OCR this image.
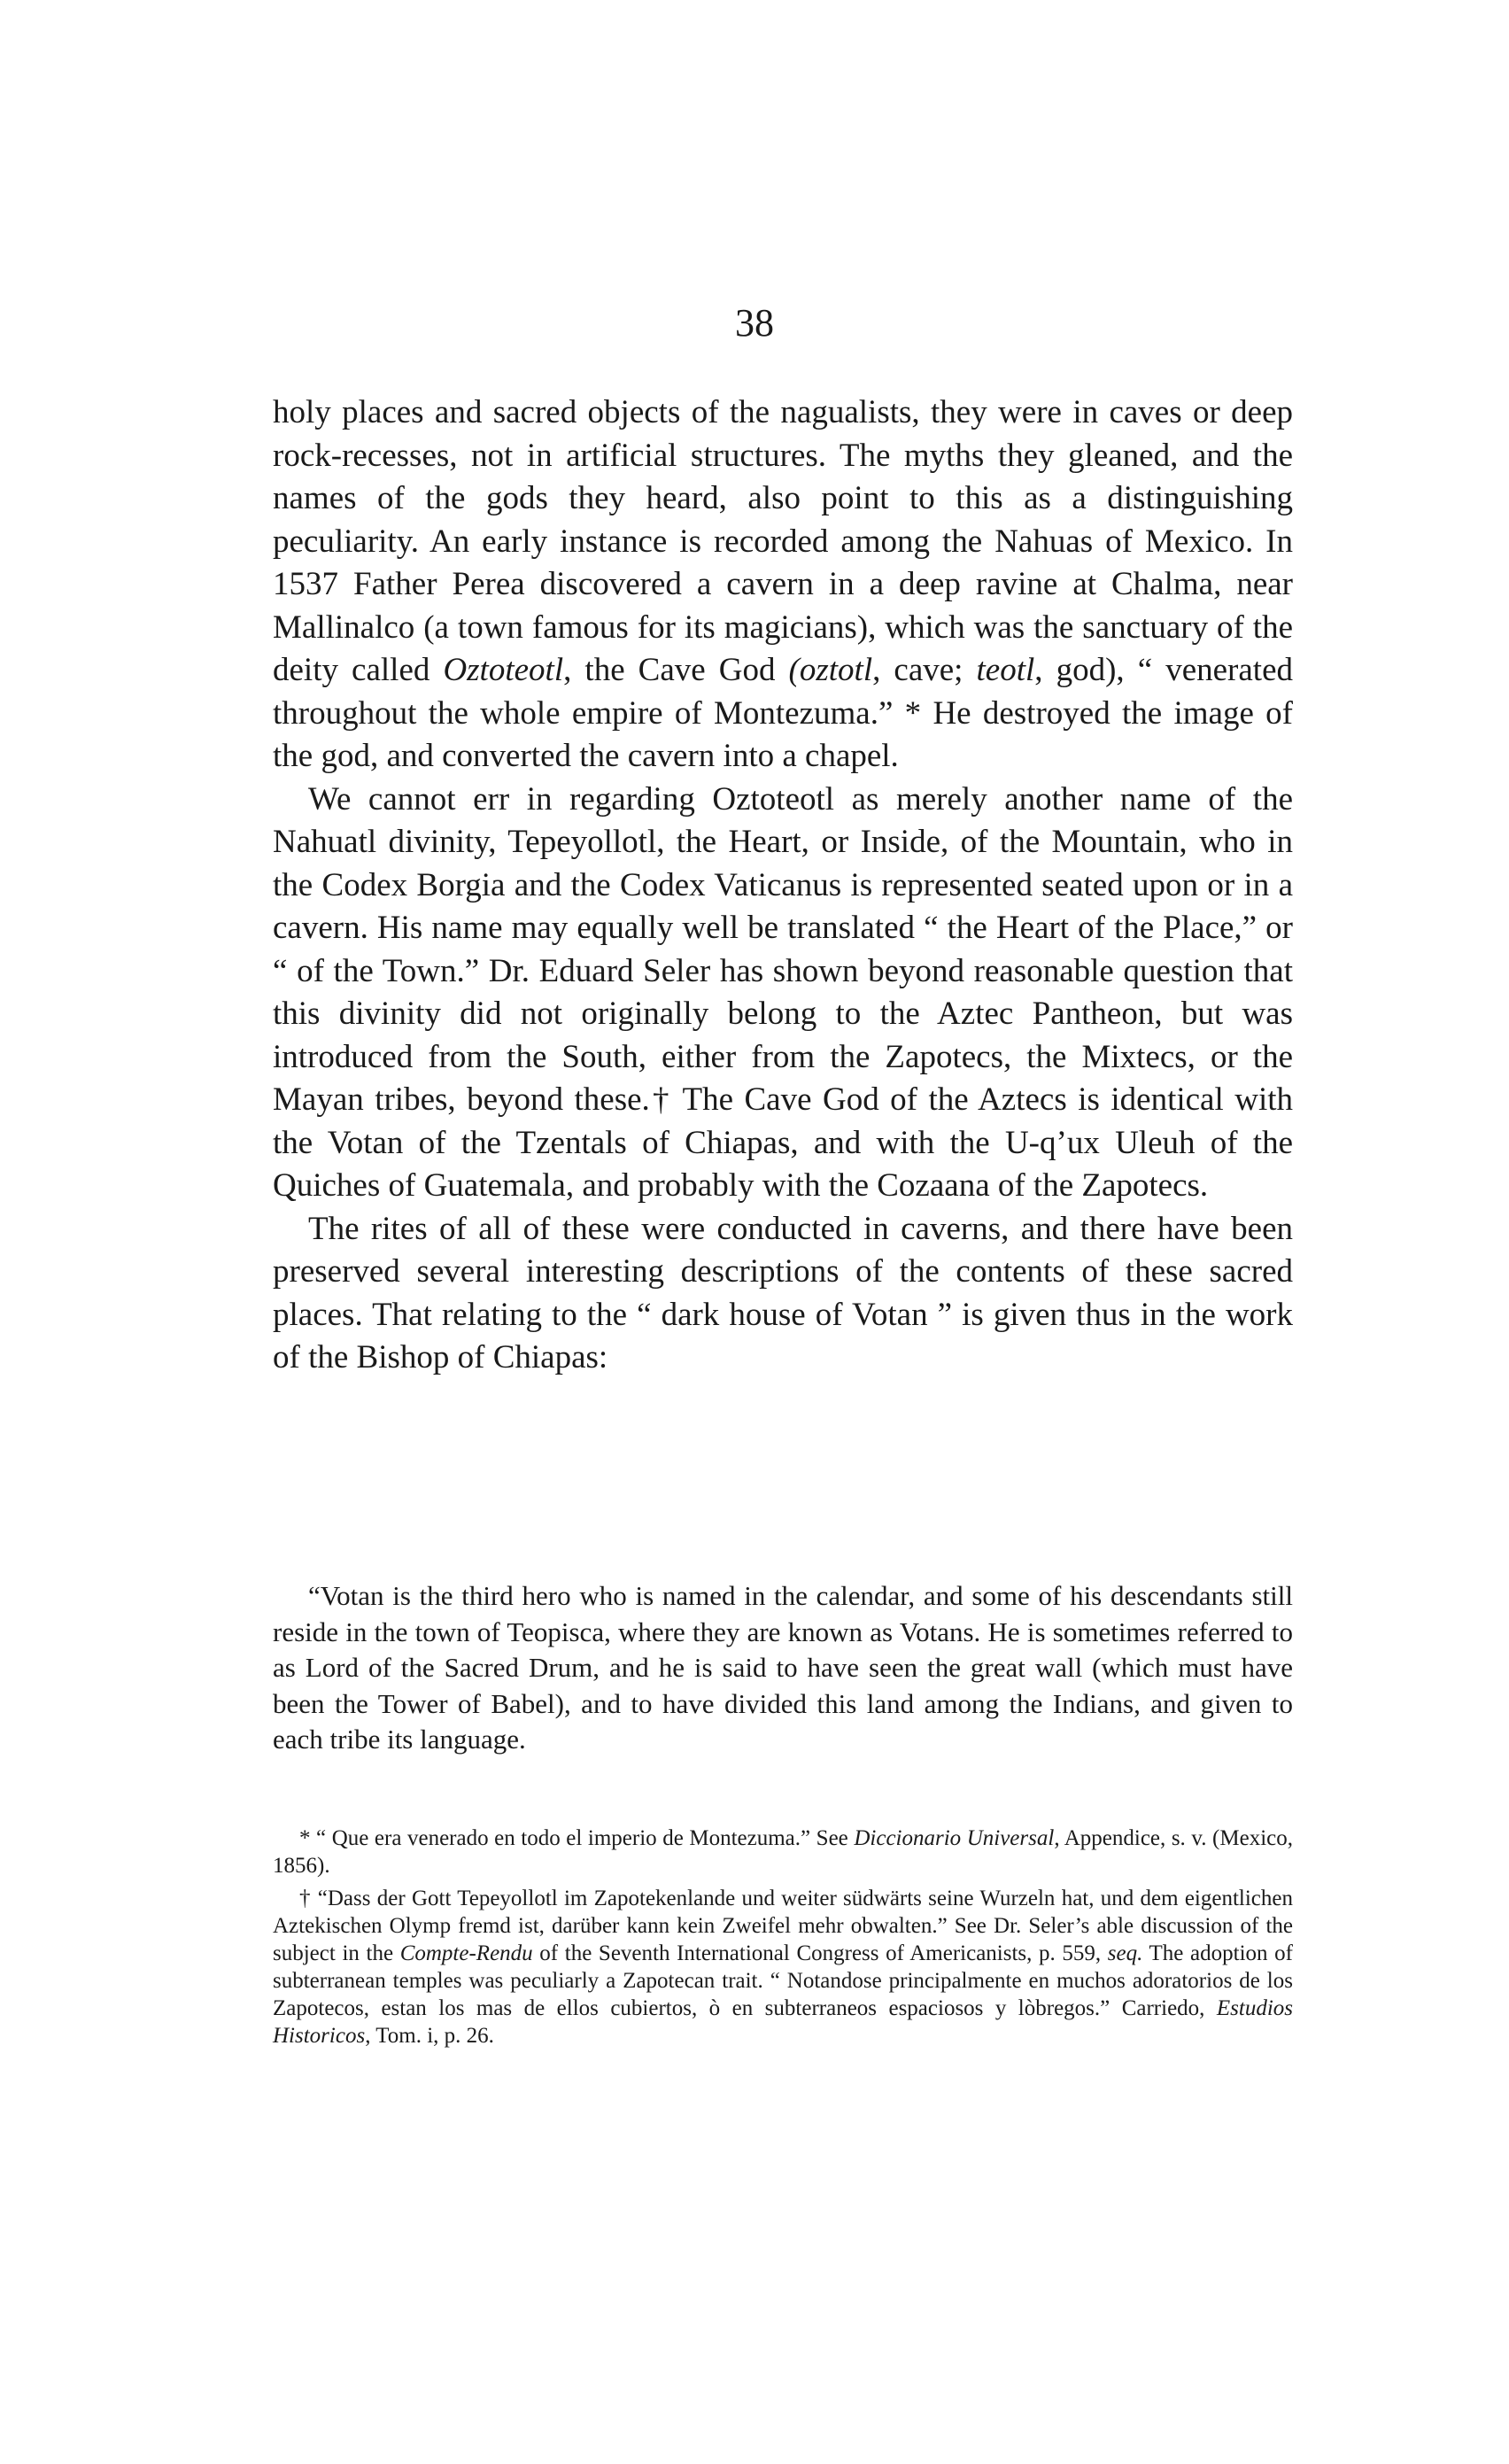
38

holy places and sacred objects of the nagualists, they were in caves or deep rock-recesses, not in artificial structures. The myths they gleaned, and the names of the gods they heard, also point to this as a distinguishing peculiarity. An early instance is recorded among the Nahuas of Mexico. In 1537 Father Perea discovered a cavern in a deep ravine at Chalma, near Mallinalco (a town famous for its magicians), which was the sanctuary of the deity called Oztoteotl, the Cave God (oztotl, cave; teotl, god), “ venerated throughout the whole empire of Montezuma.” * He destroyed the image of the god, and converted the cavern into a chapel.

We cannot err in regarding Oztoteotl as merely another name of the Nahuatl divinity, Tepeyollotl, the Heart, or Inside, of the Mountain, who in the Codex Borgia and the Codex Vaticanus is represented seated upon or in a cavern. His name may equally well be translated “ the Heart of the Place,” or “ of the Town.” Dr. Eduard Seler has shown beyond reasonable question that this divinity did not originally belong to the Aztec Pantheon, but was introduced from the South, either from the Zapotecs, the Mixtecs, or the Mayan tribes, beyond these.† The Cave God of the Aztecs is identical with the Votan of the Tzentals of Chiapas, and with the U-q’ux Uleuh of the Quiches of Guatemala, and probably with the Cozaana of the Zapotecs.

The rites of all of these were conducted in caverns, and there have been preserved several interesting descriptions of the contents of these sacred places. That relating to the “ dark house of Votan ” is given thus in the work of the Bishop of Chiapas:

“Votan is the third hero who is named in the calendar, and some of his descendants still reside in the town of Teopisca, where they are known as Votans. He is sometimes referred to as Lord of the Sacred Drum, and he is said to have seen the great wall (which must have been the Tower of Babel), and to have divided this land among the Indians, and given to each tribe its language.

* “ Que era venerado en todo el imperio de Montezuma.” See Diccionario Universal, Appendice, s. v. (Mexico, 1856).

† “Dass der Gott Tepeyollotl im Zapotekenlande und weiter südwärts seine Wurzeln hat, und dem eigentlichen Aztekischen Olymp fremd ist, darüber kann kein Zweifel mehr obwalten.” See Dr. Seler’s able discussion of the subject in the Compte-Rendu of the Seventh International Congress of Americanists, p. 559, seq. The adoption of subterranean temples was peculiarly a Zapotecan trait. “ Notandose principalmente en muchos adoratorios de los Zapotecos, estan los mas de ellos cubiertos, ò en subterraneos espaciosos y lòbregos.” Carriedo, Estudios Historicos, Tom. i, p. 26.
